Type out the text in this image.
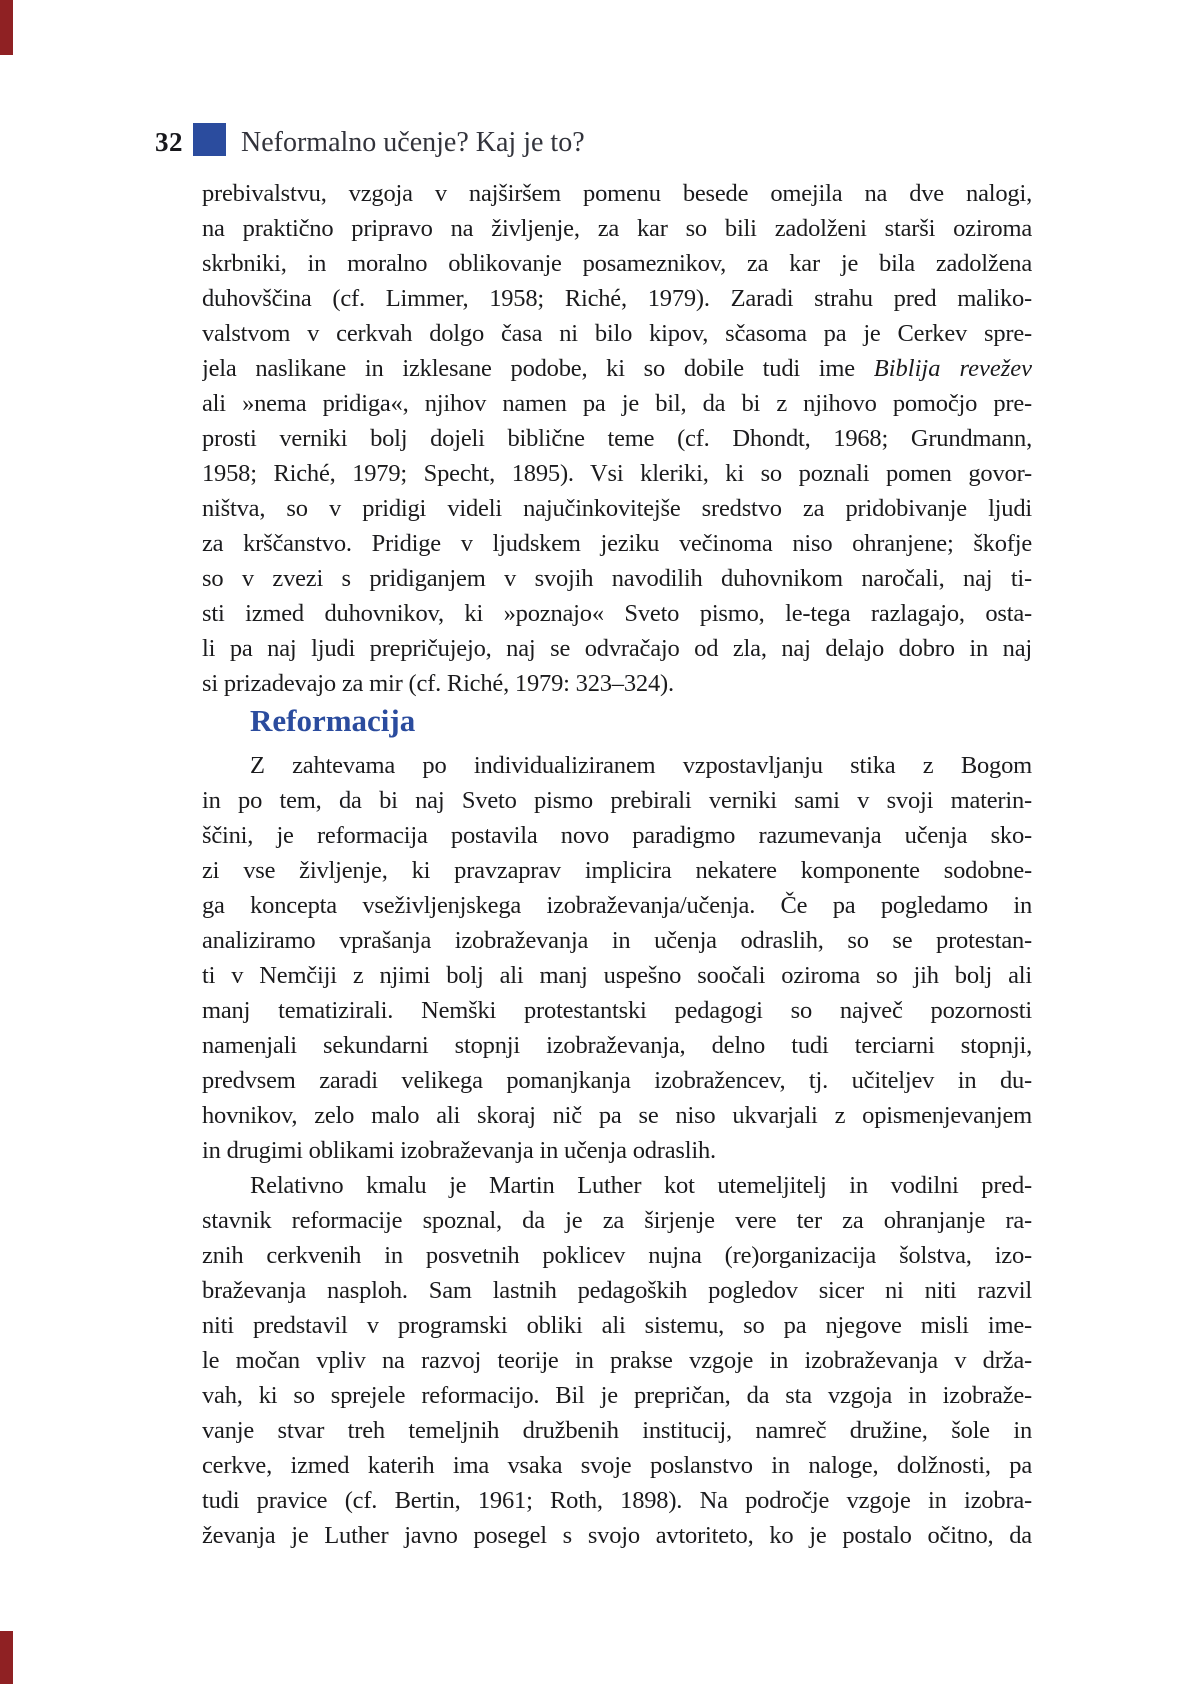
32 Neformalno učenje? Kaj je to?
prebivalstvu, vzgoja v najširšem pomenu besede omejila na dve nalogi,
na praktično pripravo na življenje, za kar so bili zadolženi starši oziroma
skrbniki, in moralno oblikovanje posameznikov, za kar je bila zadolžena
duhovščina (cf. Limmer, 1958; Riché, 1979). Zaradi strahu pred maliko-
valstvom v cerkvah dolgo časa ni bilo kipov, sčasoma pa je Cerkev spre-
jela naslikane in izklesane podobe, ki so dobile tudi ime Biblija revežev
ali »nema pridiga«, njihov namen pa je bil, da bi z njihovo pomočjo pre-
prosti verniki bolj dojeli biblične teme (cf. Dhondt, 1968; Grundmann,
1958; Riché, 1979; Specht, 1895). Vsi kleriki, ki so poznali pomen govor-
ništva, so v pridigi videli najučinkovitejše sredstvo za pridobivanje ljudi
za krščanstvo. Pridige v ljudskem jeziku večinoma niso ohranjene; škofje
so v zvezi s pridiganjem v svojih navodilih duhovnikom naročali, naj ti-
sti izmed duhovnikov, ki »poznajo« Sveto pismo, le-tega razlagajo, osta-
li pa naj ljudi prepričujejo, naj se odvračajo od zla, naj delajo dobro in naj
si prizadevajo za mir (cf. Riché, 1979: 323–324).
Reformacija
Z zahtevama po individualiziranem vzpostavljanju stika z Bogom
in po tem, da bi naj Sveto pismo prebirali verniki sami v svoji materin-
ščini, je reformacija postavila novo paradigmo razumevanja učenja sko-
zi vse življenje, ki pravzaprav implicira nekatere komponente sodobne-
ga koncepta vseživljenjskega izobraževanja/učenja. Če pa pogledamo in
analiziramo vprašanja izobraževanja in učenja odraslih, so se protestan-
ti v Nemčiji z njimi bolj ali manj uspešno soočali oziroma so jih bolj ali
manj tematizirali. Nemški protestantski pedagogi so največ pozornosti
namenjali sekundarni stopnji izobraževanja, delno tudi terciarni stopnji,
predvsem zaradi velikega pomanjkanja izobražencev, tj. učiteljev in du-
hovnikov, zelo malo ali skoraj nič pa se niso ukvarjali z opismenjevanjem
in drugimi oblikami izobraževanja in učenja odraslih.
Relativno kmalu je Martin Luther kot utemeljitelj in vodilni pred-
stavnik reformacije spoznal, da je za širjenje vere ter za ohranjanje ra-
znih cerkvenih in posvetnih poklicev nujna (re)organizacija šolstva, izo-
braževanja nasploh. Sam lastnih pedagoških pogledov sicer ni niti razvil
niti predstavil v programski obliki ali sistemu, so pa njegove misli ime-
le močan vpliv na razvoj teorije in prakse vzgoje in izobraževanja v drža-
vah, ki so sprejele reformacijo. Bil je prepričan, da sta vzgoja in izobraže-
vanje stvar treh temeljnih družbenih institucij, namreč družine, šole in
cerkve, izmed katerih ima vsaka svoje poslanstvo in naloge, dolžnosti, pa
tudi pravice (cf. Bertin, 1961; Roth, 1898). Na področje vzgoje in izobra-
ževanja je Luther javno posegel s svojo avtoriteto, ko je postalo očitno, da
